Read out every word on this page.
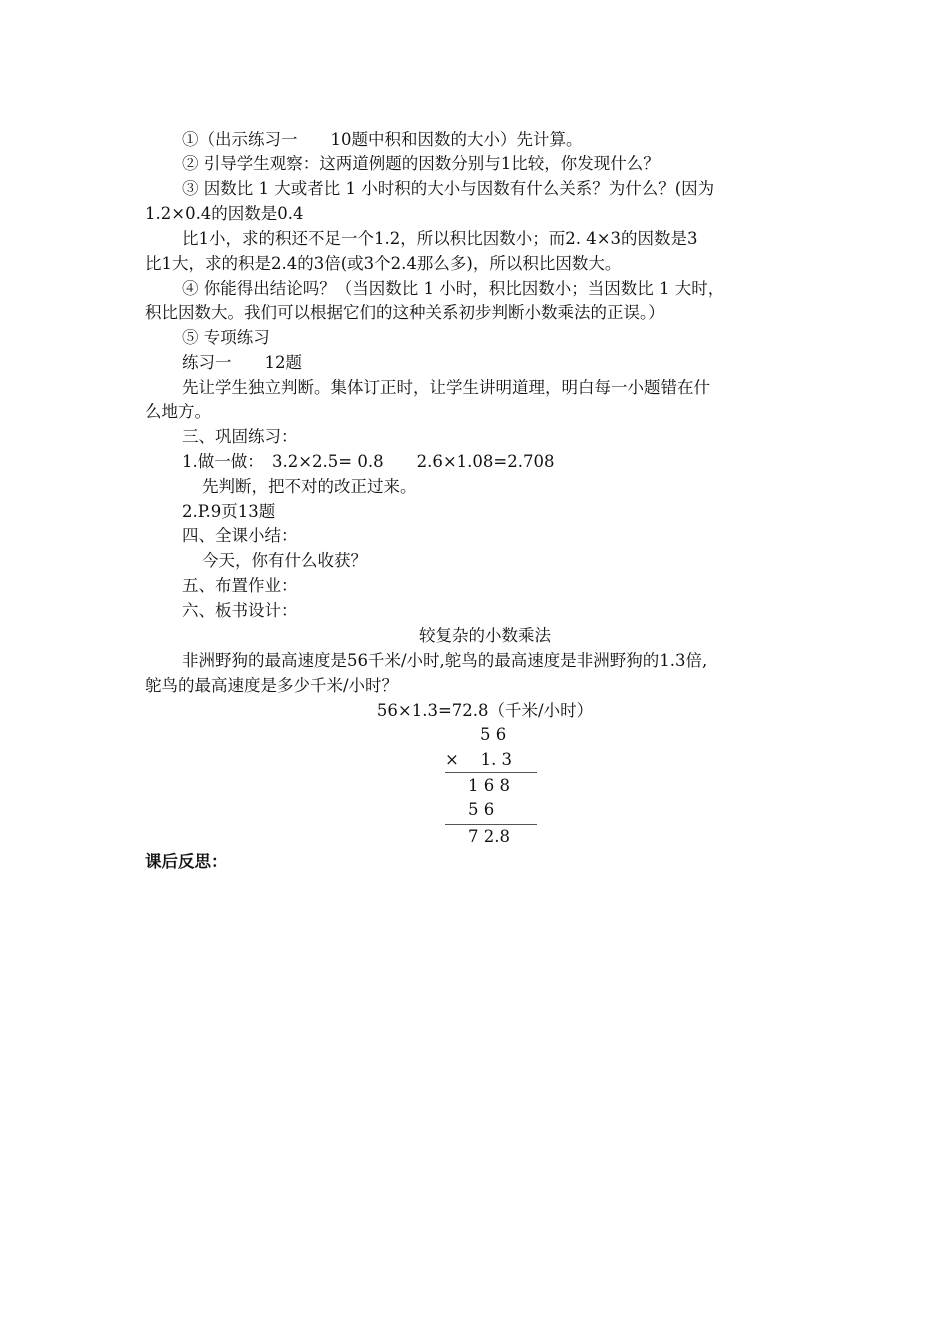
①（出示练习一　　10题中积和因数的大小）先计算。
② 引导学生观察：这两道例题的因数分别与1比较，你发现什么？
③ 因数比 1 大或者比 1 小时积的大小与因数有什么关系？为什么？(因为
1.2×0.4的因数是0.4
比1小，求的积还不足一个1.2，所以积比因数小；而2. 4×3的因数是3
比1大，求的积是2.4的3倍(或3个2.4那么多)，所以积比因数大。
④ 你能得出结论吗？（当因数比 1 小时，积比因数小；当因数比 1 大时，
积比因数大。我们可以根据它们的这种关系初步判断小数乘法的正误。）
⑤ 专项练习
练习一　　12题
先让学生独立判断。集体订正时，让学生讲明道理，明白每一小题错在什
么地方。
三、巩固练习：
1.做一做：　3.2×2.5= 0.8　　2.6×1.08=2.708
先判断，把不对的改正过来。
2.P.9页13题
四、全课小结：
今天，你有什么收获？
五、布置作业：
六、板书设计：
较复杂的小数乘法
非洲野狗的最高速度是56千米/小时,鸵鸟的最高速度是非洲野狗的1.3倍,
鸵鸟的最高速度是多少千米/小时？
56×1.3=72.8（千米/小时）
5 6
×　 1. 3
1 6 8
5 6
7 2.8
课后反思：
